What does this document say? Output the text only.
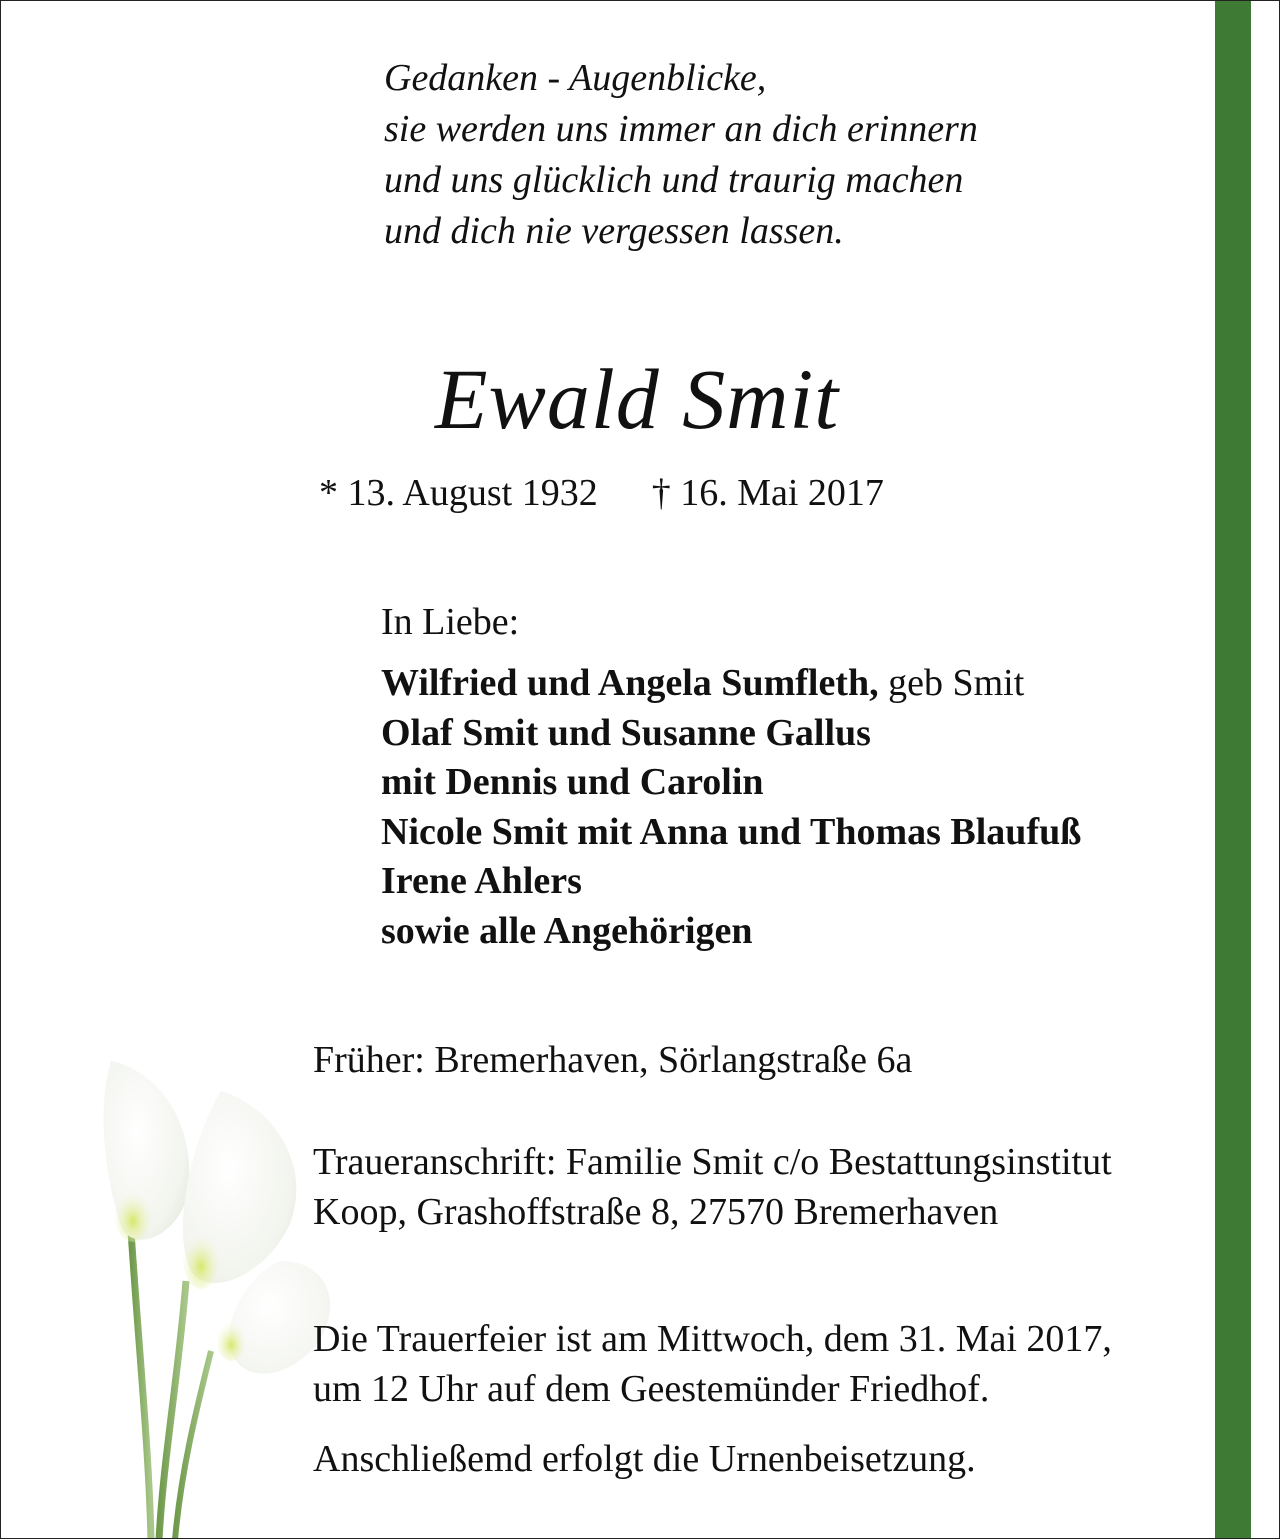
Gedanken - Augenblicke,
sie werden uns immer an dich erinnern
und uns glücklich und traurig machen
und dich nie vergessen lassen.
Ewald Smit
* 13. August 1932 † 16. Mai 2017
In Liebe:
Wilfried und Angela Sumfleth, geb Smit
Olaf Smit und Susanne Gallus
mit Dennis und Carolin
Nicole Smit mit Anna und Thomas Blaufuß
Irene Ahlers
sowie alle Angehörigen
Früher: Bremerhaven, Sörlangstraße 6a
Traueranschrift: Familie Smit c/o Bestattungsinstitut
Koop, Grashoffstraße 8, 27570 Bremerhaven
Die Trauerfeier ist am Mittwoch, dem 31. Mai 2017,
um 12 Uhr auf dem Geestemünder Friedhof.
Anschließemd erfolgt die Urnenbeisetzung.
